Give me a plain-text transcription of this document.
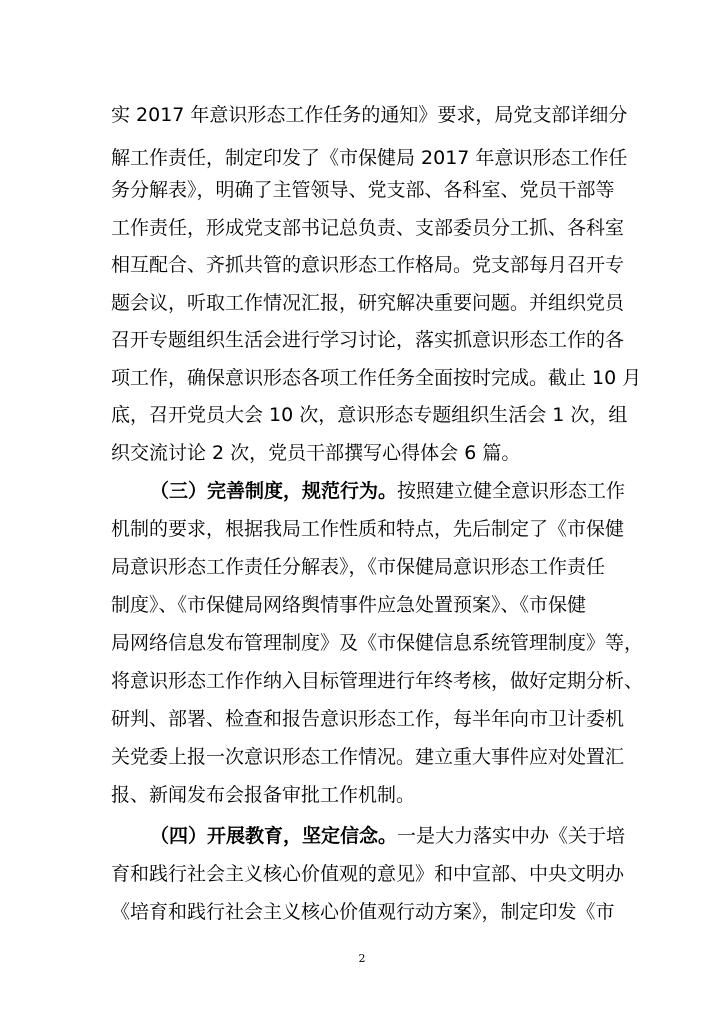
实 2017 年意识形态工作任务的通知》要求，局党支部详细分
解工作责任，制定印发了《市保健局 2017 年意识形态工作任
务分解表》，明确了主管领导、党支部、各科室、党员干部等
工作责任，形成党支部书记总负责、支部委员分工抓、各科室
相互配合、齐抓共管的意识形态工作格局。党支部每月召开专
题会议，听取工作情况汇报，研究解决重要问题。并组织党员
召开专题组织生活会进行学习讨论，落实抓意识形态工作的各
项工作，确保意识形态各项工作任务全面按时完成。截止 10 月
底，召开党员大会 10 次，意识形态专题组织生活会 1 次，组
织交流讨论 2 次，党员干部撰写心得体会 6 篇。
（三）完善制度，规范行为。按照建立健全意识形态工作
机制的要求，根据我局工作性质和特点，先后制定了《市保健
局意识形态工作责任分解表》，《市保健局意识形态工作责任
制度》、《市保健局网络舆情事件应急处置预案》、《市保健
局网络信息发布管理制度》及《市保健信息系统管理制度》等，
将意识形态工作作纳入目标管理进行年终考核，做好定期分析、
研判、部署、检查和报告意识形态工作，每半年向市卫计委机
关党委上报一次意识形态工作情况。建立重大事件应对处置汇
报、新闻发布会报备审批工作机制。
（四）开展教育，坚定信念。一是大力落实中办《关于培
育和践行社会主义核心价值观的意见》和中宣部、中央文明办
《培育和践行社会主义核心价值观行动方案》，制定印发《市
2
